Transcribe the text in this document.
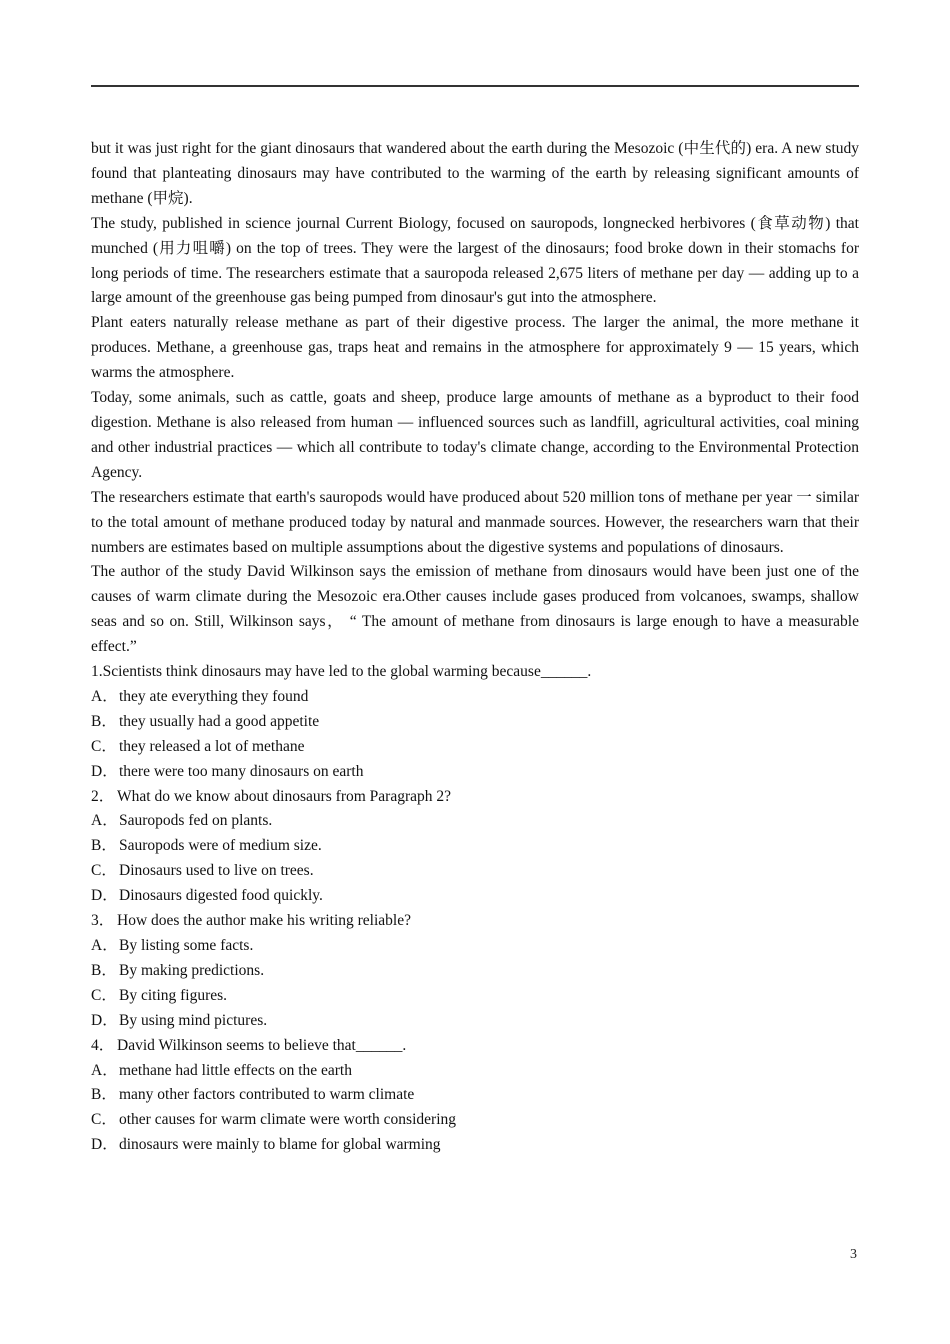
but it was just right for the giant dinosaurs that wandered about the earth during the Mesozoic (中生代的) era. A new study found that planteating dinosaurs may have contributed to the warming of the earth by releasing significant amounts of methane (甲烷).

The study, published in science journal Current Biology, focused on sauropods, longnecked herbivores (食草动物) that munched (用力咀嚼) on the top of trees. They were the largest of the dinosaurs; food broke down in their stomachs for long periods of time. The researchers estimate that a sauropoda released 2,675 liters of methane per day — adding up to a large amount of the greenhouse gas being pumped from dinosaur's gut into the atmosphere.

Plant eaters naturally release methane as part of their digestive process. The larger the animal, the more methane it produces. Methane, a greenhouse gas, traps heat and remains in the atmosphere for approximately 9 — 15 years, which warms the atmosphere.

Today, some animals, such as cattle, goats and sheep, produce large amounts of methane as a byproduct to their food digestion. Methane is also released from human — influenced sources such as landfill, agricultural activities, coal mining and other industrial practices — which all contribute to today's climate change, according to the Environmental Protection Agency.

The researchers estimate that earth's sauropods would have produced about 520 million tons of methane per year 一 similar to the total amount of methane produced today by natural and manmade sources. However, the researchers warn that their numbers are estimates based on multiple assumptions about the digestive systems and populations of dinosaurs.

The author of the study David Wilkinson says the emission of methane from dinosaurs would have been just one of the causes of warm climate during the Mesozoic era.Other causes include gases produced from volcanoes, swamps, shallow seas and so on. Still, Wilkinson says， “ The amount of methane from dinosaurs is large enough to have a measurable effect.”

1.Scientists think dinosaurs may have led to the global warming because______.

A．they ate everything they found

B． they usually had a good appetite

C． they released a lot of methane

D．there were too many dinosaurs on earth

2． What do we know about dinosaurs from Paragraph 2?

A．Sauropods fed on plants.

B． Sauropods were of medium size.

C． Dinosaurs used to live on trees.

D．Dinosaurs digested food quickly.

3． How does the author make his writing reliable?

A．By listing some facts.

B． By making predictions.

C． By citing figures.

D．By using mind pictures.

4． David Wilkinson seems to believe that______.

A．methane had little effects on the earth

B． many other factors contributed to warm climate

C． other causes for warm climate were worth considering

D．dinosaurs were mainly to blame for global warming

3
